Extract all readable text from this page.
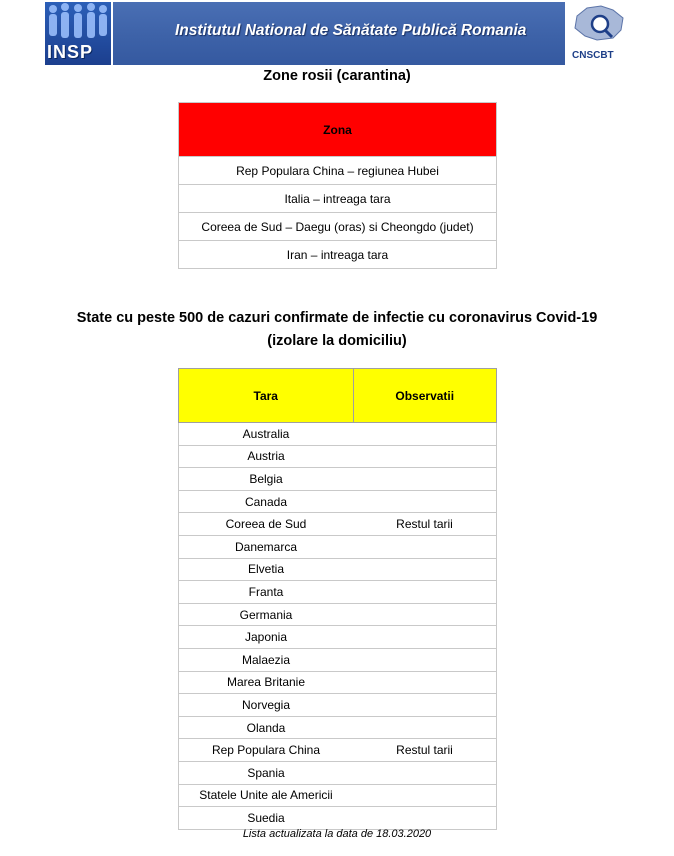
INSP
Institutul National de Sănătate Publică Romania
CNSCBT
Zone rosii (carantina)
Zona
Rep Populara China – regiunea Hubei
Italia – intreaga tara
Coreea de Sud – Daegu (oras) si Cheongdo (judet)
Iran – intreaga tara
State cu peste 500 de cazuri confirmate de infectie cu coronavirus Covid-19
(izolare la domiciliu)
Tara	Observatii
Australia	
Austria	
Belgia	
Canada	
Coreea de Sud	Restul tarii
Danemarca	
Elvetia	
Franta	
Germania	
Japonia	
Malaezia	
Marea Britanie	
Norvegia	
Olanda	
Rep Populara China	Restul tarii
Spania	
Statele Unite ale Americii	
Suedia	
Lista actualizata la data de 18.03.2020
